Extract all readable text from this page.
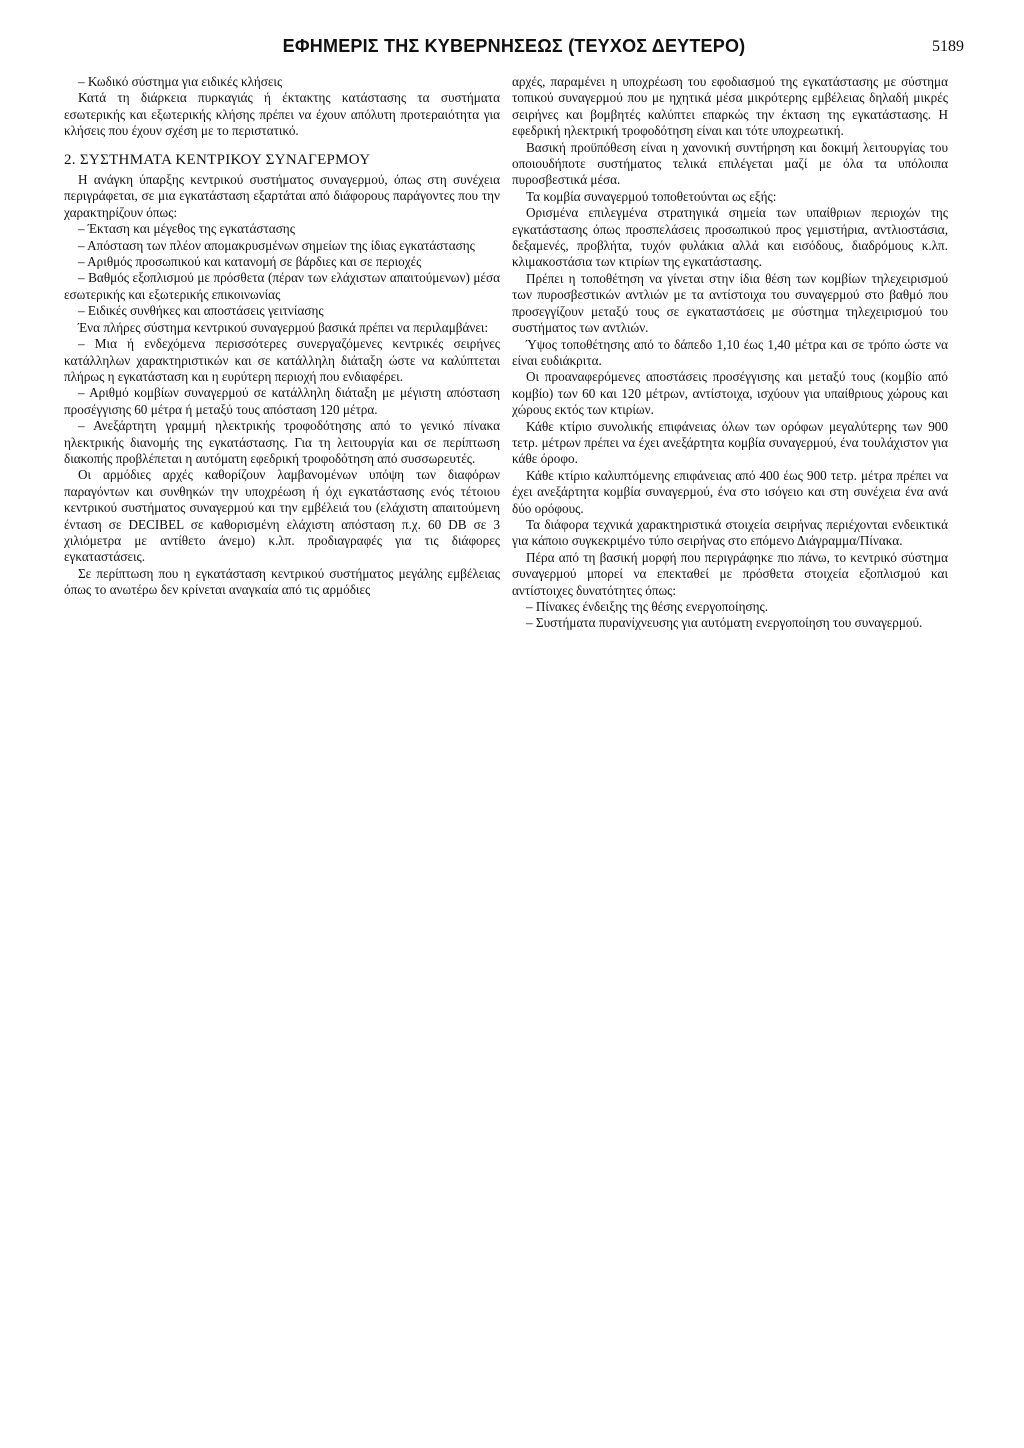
ΕΦΗΜΕΡΙΣ ΤΗΣ ΚΥΒΕΡΝΗΣΕΩΣ (ΤΕΥΧΟΣ ΔΕΥΤΕΡΟ)	5189

– Κωδικό σύστημα για ειδικές κλήσεις

Κατά τη διάρκεια πυρκαγιάς ή έκτακτης κατάστασης τα συστήματα εσωτερικής και εξωτερικής κλήσης πρέπει να έχουν απόλυτη προτεραιότητα για κλήσεις που έχουν σχέση με το περιστατικό.

2. ΣΥΣΤΗΜΑΤΑ ΚΕΝΤΡΙΚΟΥ ΣΥΝΑΓΕΡΜΟΥ

Η ανάγκη ύπαρξης κεντρικού συστήματος συναγερμού, όπως στη συνέχεια περιγράφεται, σε μια εγκατάσταση εξαρτάται από διάφορους παράγοντες που την χαρακτηρίζουν όπως:

– Έκταση και μέγεθος της εγκατάστασης

– Απόσταση των πλέον απομακρυσμένων σημείων της ίδιας εγκατάστασης

– Αριθμός προσωπικού και κατανομή σε βάρδιες και σε περιοχές

– Βαθμός εξοπλισμού με πρόσθετα (πέραν των ελάχιστων απαιτούμενων) μέσα εσωτερικής και εξωτερικής επικοινωνίας

– Ειδικές συνθήκες και αποστάσεις γειτνίασης

Ένα πλήρες σύστημα κεντρικού συναγερμού βασικά πρέπει να περιλαμβάνει:

– Μια ή ενδεχόμενα περισσότερες συνεργαζόμενες κεντρικές σειρήνες κατάλληλων χαρακτηριστικών και σε κατάλληλη διάταξη ώστε να καλύπτεται πλήρως η εγκατάσταση και η ευρύτερη περιοχή που ενδιαφέρει.

– Αριθμό κομβίων συναγερμού σε κατάλληλη διάταξη με μέγιστη απόσταση προσέγγισης 60 μέτρα ή μεταξύ τους απόσταση 120 μέτρα.

– Ανεξάρτητη γραμμή ηλεκτρικής τροφοδότησης από το γενικό πίνακα ηλεκτρικής διανομής της εγκατάστασης. Για τη λειτουργία και σε περίπτωση διακοπής προβλέπεται η αυτόματη εφεδρική τροφοδότηση από συσσωρευτές.

Οι αρμόδιες αρχές καθορίζουν λαμβανομένων υπόψη των διαφόρων παραγόντων και συνθηκών την υποχρέωση ή όχι εγκατάστασης ενός τέτοιου κεντρικού συστήματος συναγερμού και την εμβέλειά του (ελάχιστη απαιτούμενη ένταση σε DECIBEL σε καθορισμένη ελάχιστη απόσταση π.χ. 60 DB σε 3 χιλιόμετρα με αντίθετο άνεμο) κ.λπ. προδιαγραφές για τις διάφορες εγκαταστάσεις.

Σε περίπτωση που η εγκατάσταση κεντρικού συστήματος μεγάλης εμβέλειας όπως το ανωτέρω δεν κρίνεται αναγκαία από τις αρμόδιες

αρχές, παραμένει η υποχρέωση του εφοδιασμού της εγκατάστασης με σύστημα τοπικού συναγερμού που με ηχητικά μέσα μικρότερης εμβέλειας δηλαδή μικρές σειρήνες και βομβητές καλύπτει επαρκώς την έκταση της εγκατάστασης. Η εφεδρική ηλεκτρική τροφοδότηση είναι και τότε υποχρεωτική.

Βασική προϋπόθεση είναι η χανονική συντήρηση και δοκιμή λειτουργίας του οποιουδήποτε συστήματος τελικά επιλέγεται μαζί με όλα τα υπόλοιπα πυροσβεστικά μέσα.

Τα κομβία συναγερμού τοποθετούνται ως εξής:

Ορισμένα επιλεγμένα στρατηγικά σημεία των υπαίθριων περιοχών της εγκατάστασης όπως προσπελάσεις προσωπικού προς γεμιστήρια, αντλιοστάσια, δεξαμενές, προβλήτα, τυχόν φυλάκια αλλά και εισόδους, διαδρόμους κ.λπ. κλιμακοστάσια των κτιρίων της εγκατάστασης.

Πρέπει η τοποθέτηση να γίνεται στην ίδια θέση των κομβίων τηλεχειρισμού των πυροσβεστικών αντλιών με τα αντίστοιχα του συναγερμού στο βαθμό που προσεγγίζουν μεταξύ τους σε εγκαταστάσεις με σύστημα τηλεχειρισμού του συστήματος των αντλιών.

Ύψος τοποθέτησης από το δάπεδο 1,10 έως 1,40 μέτρα και σε τρόπο ώστε να είναι ευδιάκριτα.

Οι προαναφερόμενες αποστάσεις προσέγγισης και μεταξύ τους (κομβίο από κομβίο) των 60 και 120 μέτρων, αντίστοιχα, ισχύουν για υπαίθριους χώρους και χώρους εκτός των κτιρίων.

Κάθε κτίριο συνολικής επιφάνειας όλων των ορόφων μεγαλύτερης των 900 τετρ. μέτρων πρέπει να έχει ανεξάρτητα κομβία συναγερμού, ένα τουλάχιστον για κάθε όροφο.

Κάθε κτίριο καλυπτόμενης επιφάνειας από 400 έως 900 τετρ. μέτρα πρέπει να έχει ανεξάρτητα κομβία συναγερμού, ένα στο ισόγειο και στη συνέχεια ένα ανά δύο ορόφους.

Τα διάφορα τεχνικά χαρακτηριστικά στοιχεία σειρήνας περιέχονται ενδεικτικά για κάποιο συγκεκριμένο τύπο σειρήνας στο επόμενο Διάγραμμα/Πίνακα.

Πέρα από τη βασική μορφή που περιγράφηκε πιο πάνω, το κεντρικό σύστημα συναγερμού μπορεί να επεκταθεί με πρόσθετα στοιχεία εξοπλισμού και αντίστοιχες δυνατότητες όπως:

– Πίνακες ένδειξης της θέσης ενεργοποίησης.

– Συστήματα πυρανίχνευσης για αυτόματη ενεργοποίηση του συναγερμού.
